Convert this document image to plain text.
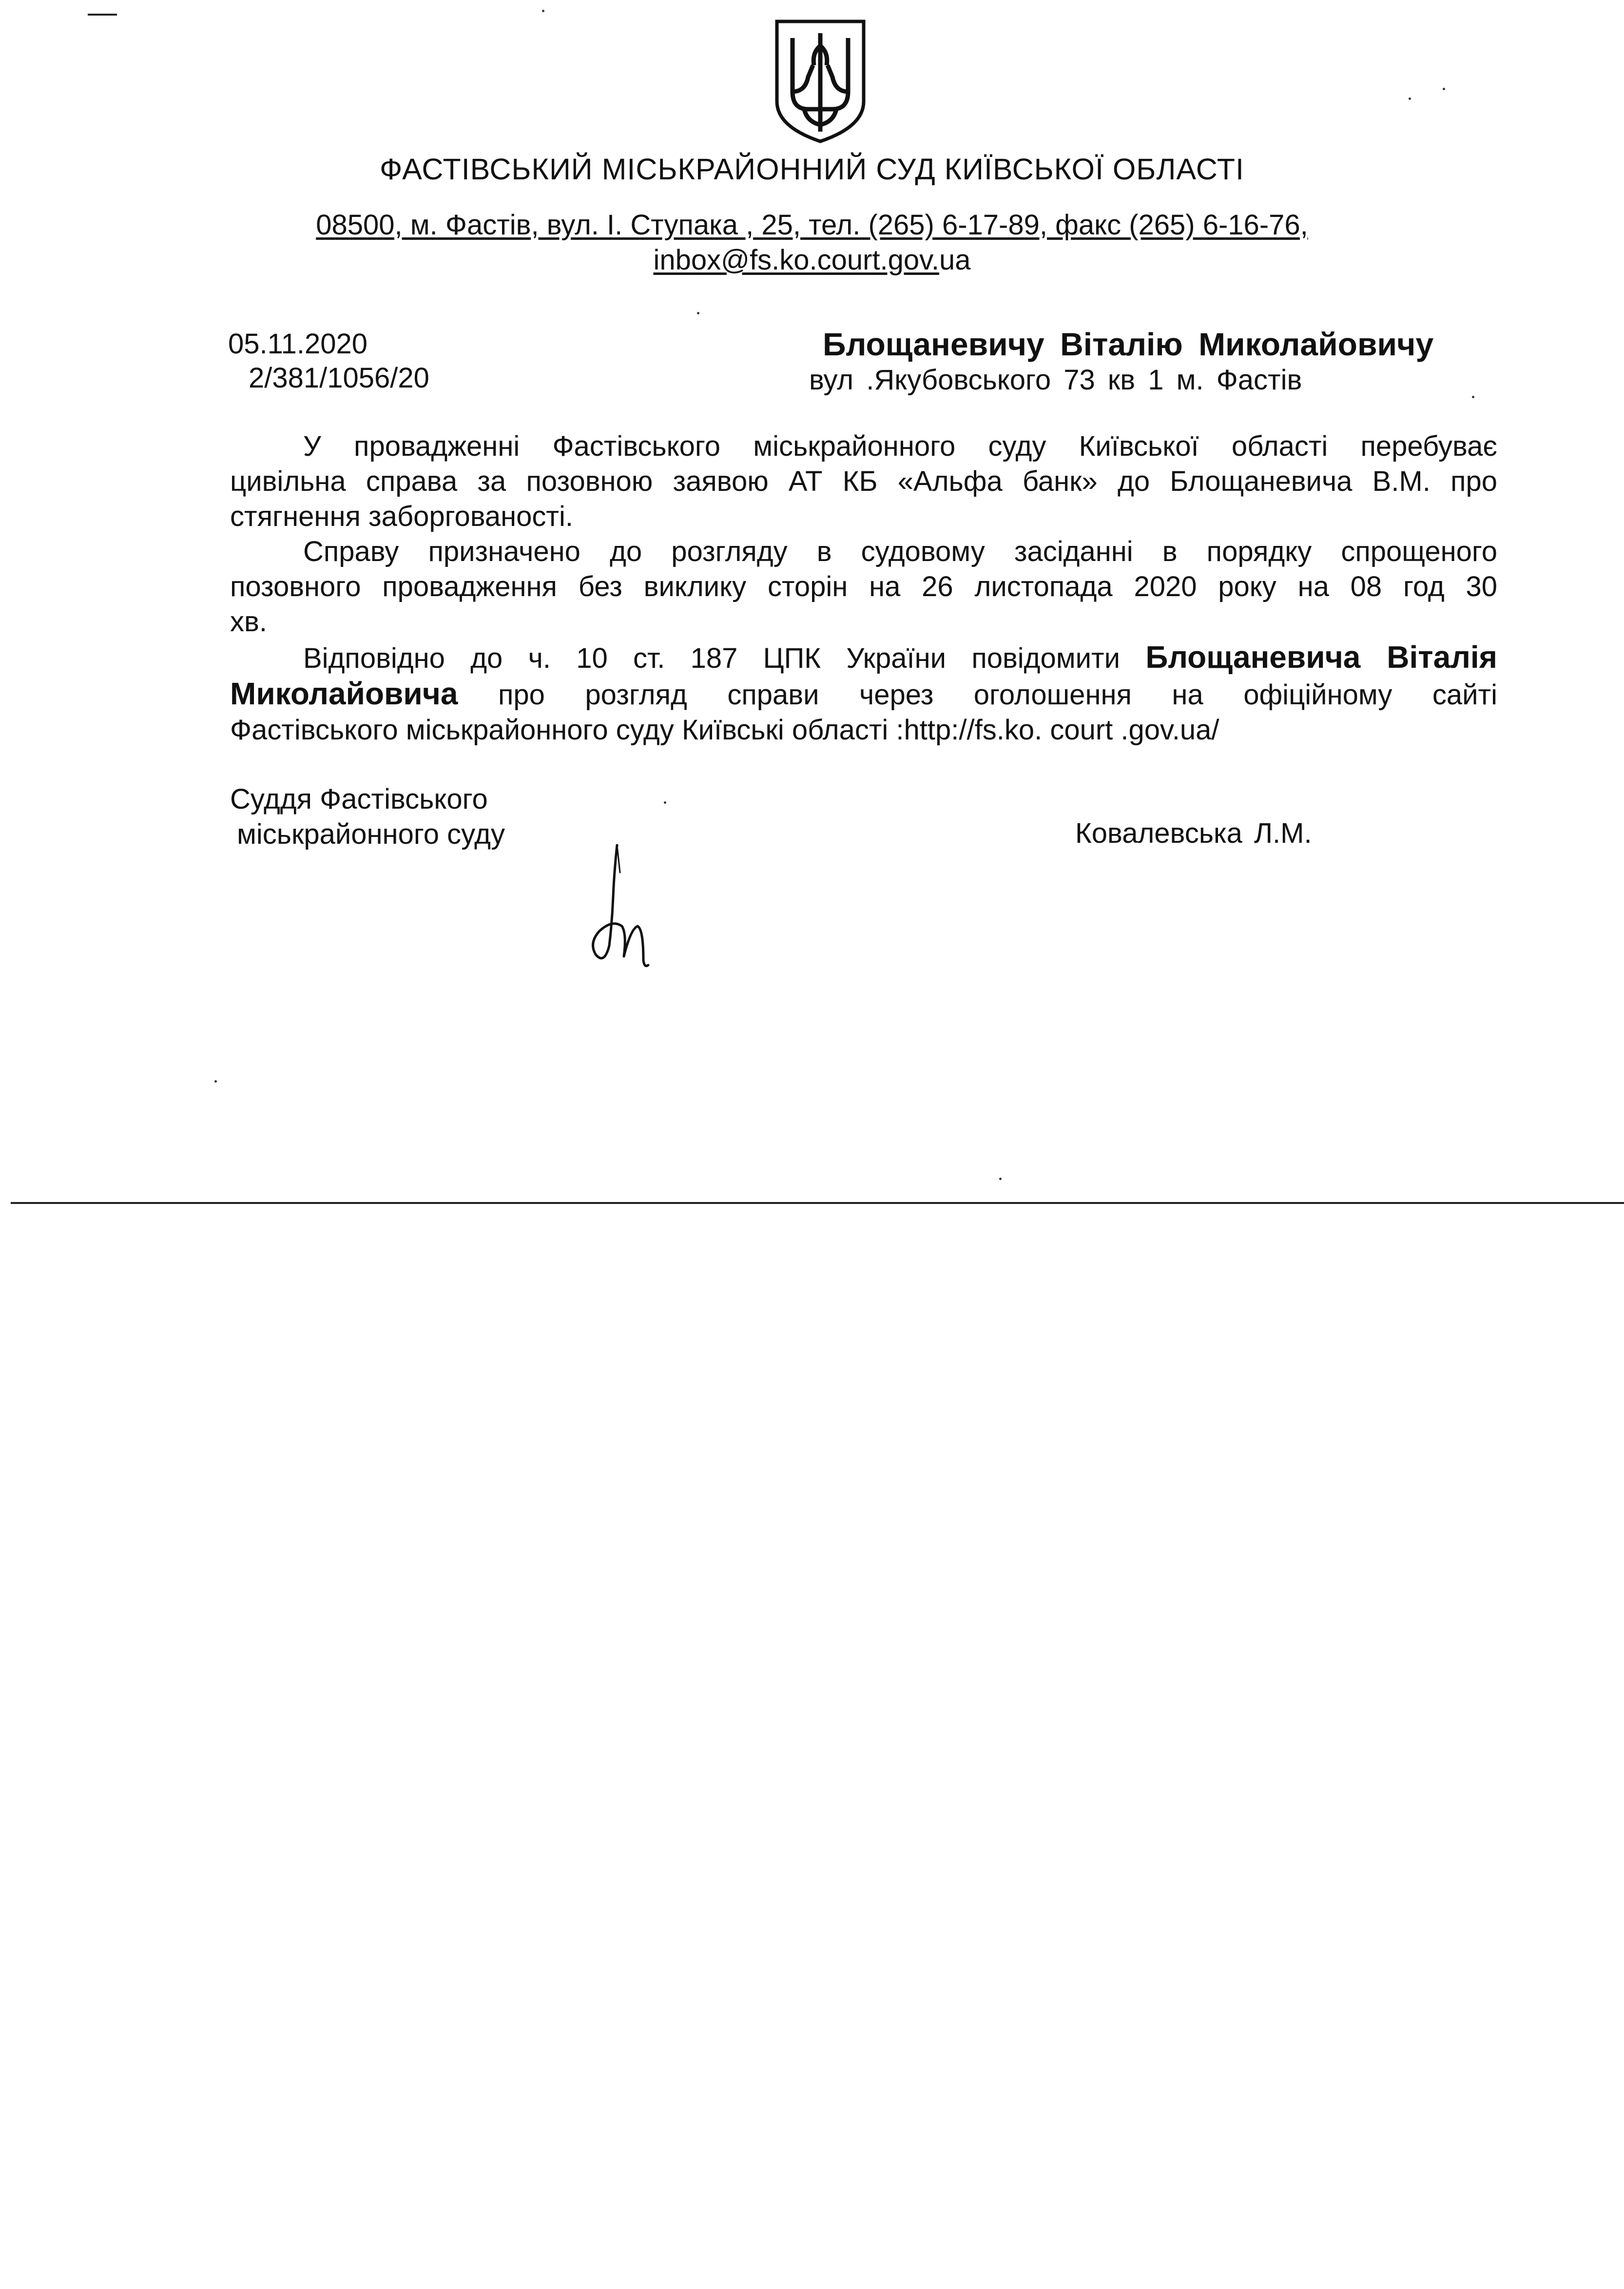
ФАСТІВСЬКИЙ МІСЬКРАЙОННИЙ СУД КИЇВСЬКОЇ ОБЛАСТІ
08500, м. Фастів, вул. І. Ступака , 25, тел. (265) 6-17-89, факс (265) 6-16-76,
inbox@fs.ko.court.gov.ua
05.11.2020
2/381/1056/20
Блощаневичу Віталію Миколайовичу
вул .Якубовського 73 кв 1 м. Фастів
У провадженні Фастівського міськрайонного суду Київської області перебуває
цивільна справа за позовною заявою АТ КБ «Альфа банк» до Блощаневича В.М. про
стягнення заборгованості.
Справу призначено до розгляду в судовому засіданні в порядку спрощеного
позовного провадження без виклику сторін на 26 листопада 2020 року на 08 год 30
хв.
Відповідно до ч. 10 ст. 187 ЦПК України повідомити Блощаневича Віталія
Миколайовича про розгляд справи через оголошення на офіційному сайті
Фастівського міськрайонного суду Київські області :http://fs.ko. court .gov.ua/
Суддя Фастівського
міськрайонного суду	Ковалевська Л.М.
